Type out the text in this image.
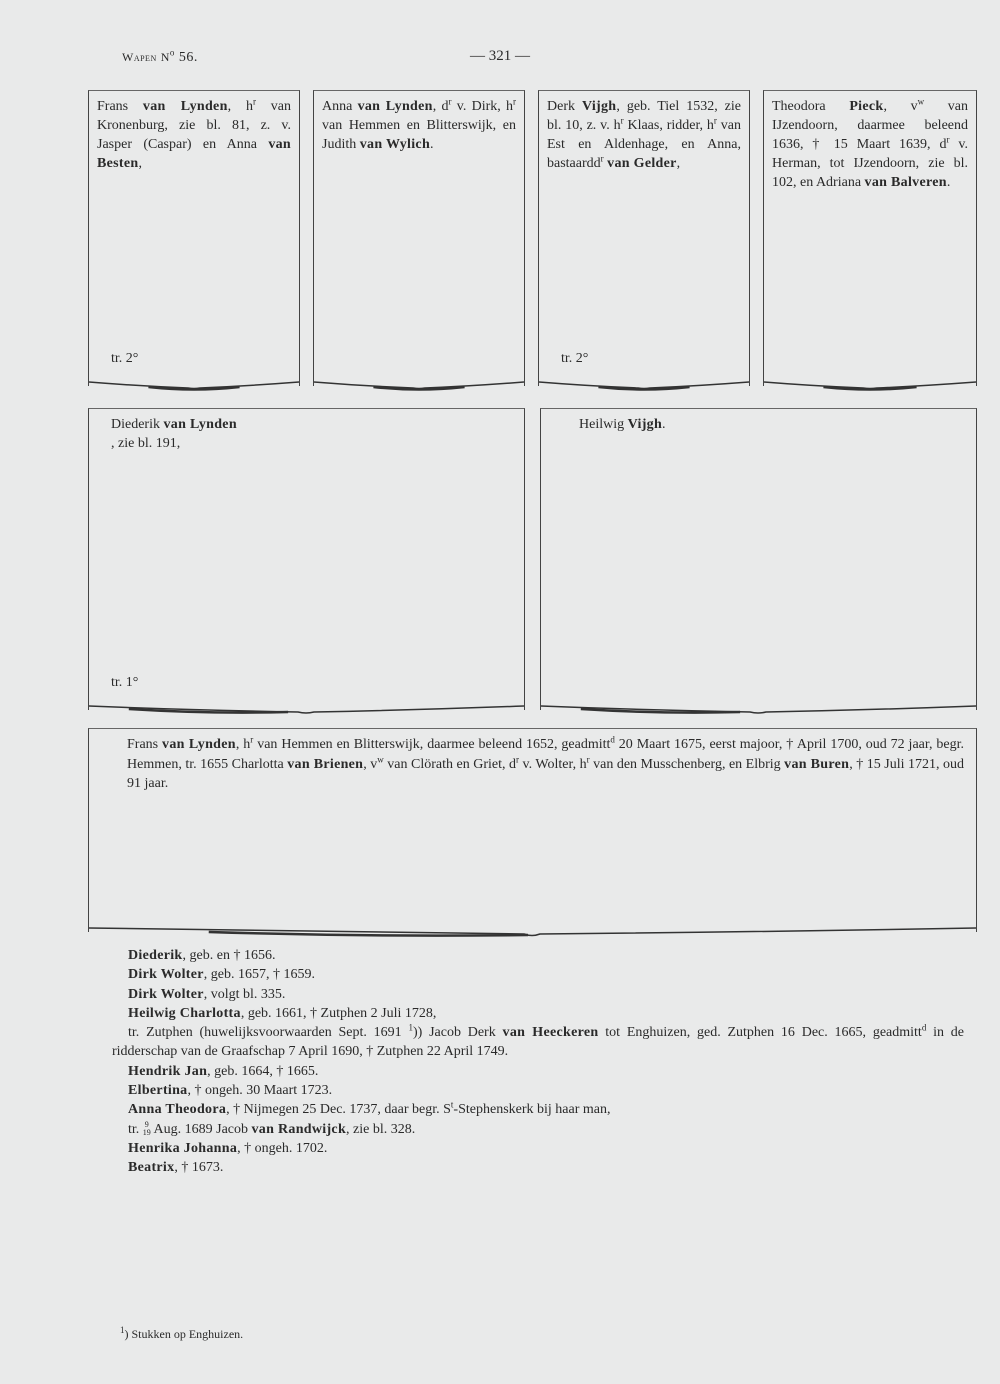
Wapen $N^o$ 56.	— 321 —
Frans van Lynden, $h^r$ van Kronenburg, zie bl. 81, z. v. Jasper (Caspar) en Anna van Besten,
tr. 2°
Anna van Lynden, $d^r$ v. Dirk, $h^r$ van Hemmen en Blitterswijk, en Judith van Wylich.
Derk Vijgh, geb. Tiel 1532, zie bl. 10, z. v. $h^r$ Klaas, ridder, $h^r$ van Est en Aldenhage, en Anna, bastaardd$^r$ van Gelder,
tr. 2°
Theodora Pieck, $v^w$ van IJzendoorn, daarmee beleend 1636, † 15 Maart 1639, $d^r$ v. Herman, tot IJzendoorn, zie bl. 102, en Adriana van Balveren.
Diederik van Lynden
, zie bl. 191,
tr. 1°
Heilwig Vijgh.
Frans van Lynden, $h^r$ van Hemmen en Blitterswijk, daarmee beleend 1652, geadmitt$^d$ 20 Maart 1675, eerst majoor, † April 1700, oud 72 jaar, begr. Hemmen, tr. 1655 Charlotta van Brienen, $v^w$ van Clörath en Griet, $d^r$ v. Wolter, $h^r$ van den Musschenberg, en Elbrig van Buren, † 15 Juli 1721, oud 91 jaar.

Diederik, geb. en † 1656.

Dirk Wolter, geb. 1657, † 1659.

Dirk Wolter, volgt bl. 335.

Heilwig Charlotta, geb. 1661, † Zutphen 2 Juli 1728,

tr. Zutphen (huwelijksvoorwaarden Sept. 1691 $^1$)) Jacob Derk van Heeckeren tot Enghuizen, ged. Zutphen 16 Dec. 1665, geadmitt$^d$ in de ridderschap van de Graafschap 7 April 1690, † Zutphen 22 April 1749.

Hendrik Jan, geb. 1664, † 1665.

Elbertina, † ongeh. 30 Maart 1723.

Anna Theodora, † Nijmegen 25 Dec. 1737, daar begr. $S^t$-Stephenskerk bij haar man,

tr. 9
19 Aug. 1689 Jacob van Randwijck, zie bl. 328.

Henrika Johanna, † ongeh. 1702.

Beatrix, † 1673.

$^1$) Stukken op Enghuizen.
